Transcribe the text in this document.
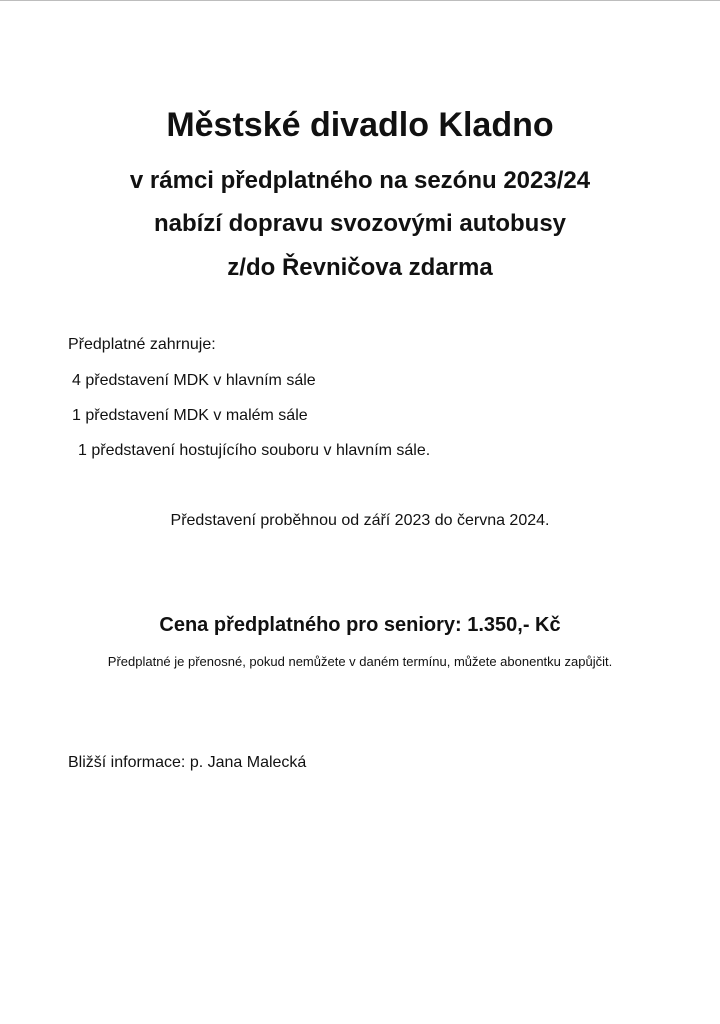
Městské divadlo Kladno

v rámci předplatného na sezónu 2023/24

nabízí dopravu svozovými autobusy

z/do Řevničova zdarma

Předplatné zahrnuje:

4 představení MDK v hlavním sále

1 představení MDK v malém sále

1 představení hostujícího souboru v hlavním sále.

Představení proběhnou od září 2023 do června 2024.

Cena předplatného pro seniory: 1.350,- Kč

Předplatné je přenosné, pokud nemůžete v daném termínu, můžete abonentku zapůjčit.

Bližší informace: p. Jana Malecká
